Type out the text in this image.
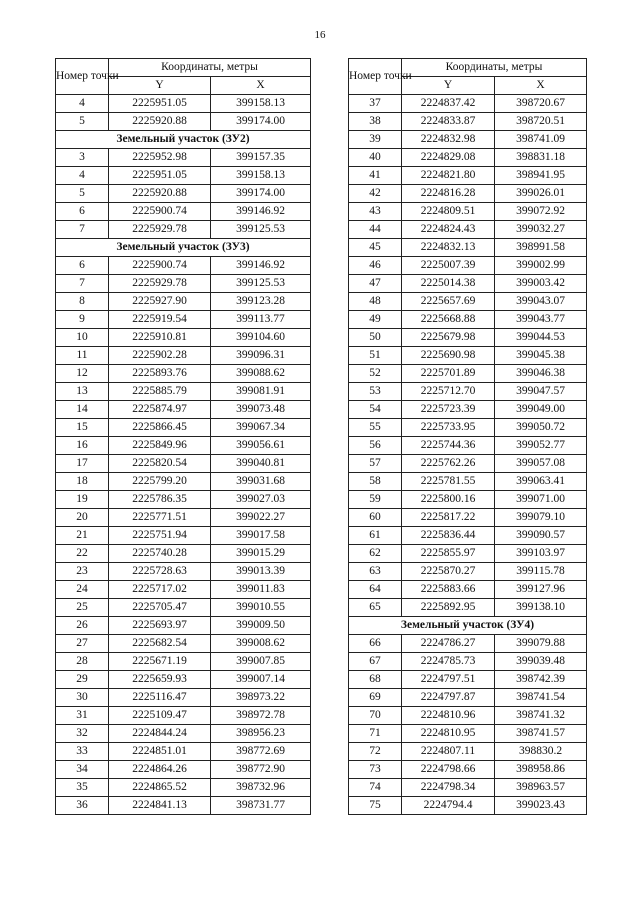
16
Номер точки	Координаты, метры	
	Y	X
4	2225951.05	399158.13
5	2225920.88	399174.00
Земельный участок (ЗУ2)		
3	2225952.98	399157.35
4	2225951.05	399158.13
5	2225920.88	399174.00
6	2225900.74	399146.92
7	2225929.78	399125.53
Земельный участок (ЗУ3)		
6	2225900.74	399146.92
7	2225929.78	399125.53
8	2225927.90	399123.28
9	2225919.54	399113.77
10	2225910.81	399104.60
11	2225902.28	399096.31
12	2225893.76	399088.62
13	2225885.79	399081.91
14	2225874.97	399073.48
15	2225866.45	399067.34
16	2225849.96	399056.61
17	2225820.54	399040.81
18	2225799.20	399031.68
19	2225786.35	399027.03
20	2225771.51	399022.27
21	2225751.94	399017.58
22	2225740.28	399015.29
23	2225728.63	399013.39
24	2225717.02	399011.83
25	2225705.47	399010.55
26	2225693.97	399009.50
27	2225682.54	399008.62
28	2225671.19	399007.85
29	2225659.93	399007.14
30	2225116.47	398973.22
31	2225109.47	398972.78
32	2224844.24	398956.23
33	2224851.01	398772.69
34	2224864.26	398772.90
35	2224865.52	398732.96
36	2224841.13	398731.77
Номер точки	Координаты, метры	
	Y	X
37	2224837.42	398720.67
38	2224833.87	398720.51
39	2224832.98	398741.09
40	2224829.08	398831.18
41	2224821.80	398941.95
42	2224816.28	399026.01
43	2224809.51	399072.92
44	2224824.43	399032.27
45	2224832.13	398991.58
46	2225007.39	399002.99
47	2225014.38	399003.42
48	2225657.69	399043.07
49	2225668.88	399043.77
50	2225679.98	399044.53
51	2225690.98	399045.38
52	2225701.89	399046.38
53	2225712.70	399047.57
54	2225723.39	399049.00
55	2225733.95	399050.72
56	2225744.36	399052.77
57	2225762.26	399057.08
58	2225781.55	399063.41
59	2225800.16	399071.00
60	2225817.22	399079.10
61	2225836.44	399090.57
62	2225855.97	399103.97
63	2225870.27	399115.78
64	2225883.66	399127.96
65	2225892.95	399138.10
Земельный участок (ЗУ4)		
66	2224786.27	399079.88
67	2224785.73	399039.48
68	2224797.51	398742.39
69	2224797.87	398741.54
70	2224810.96	398741.32
71	2224810.95	398741.57
72	2224807.11	398830.2
73	2224798.66	398958.86
74	2224798.34	398963.57
75	2224794.4	399023.43
